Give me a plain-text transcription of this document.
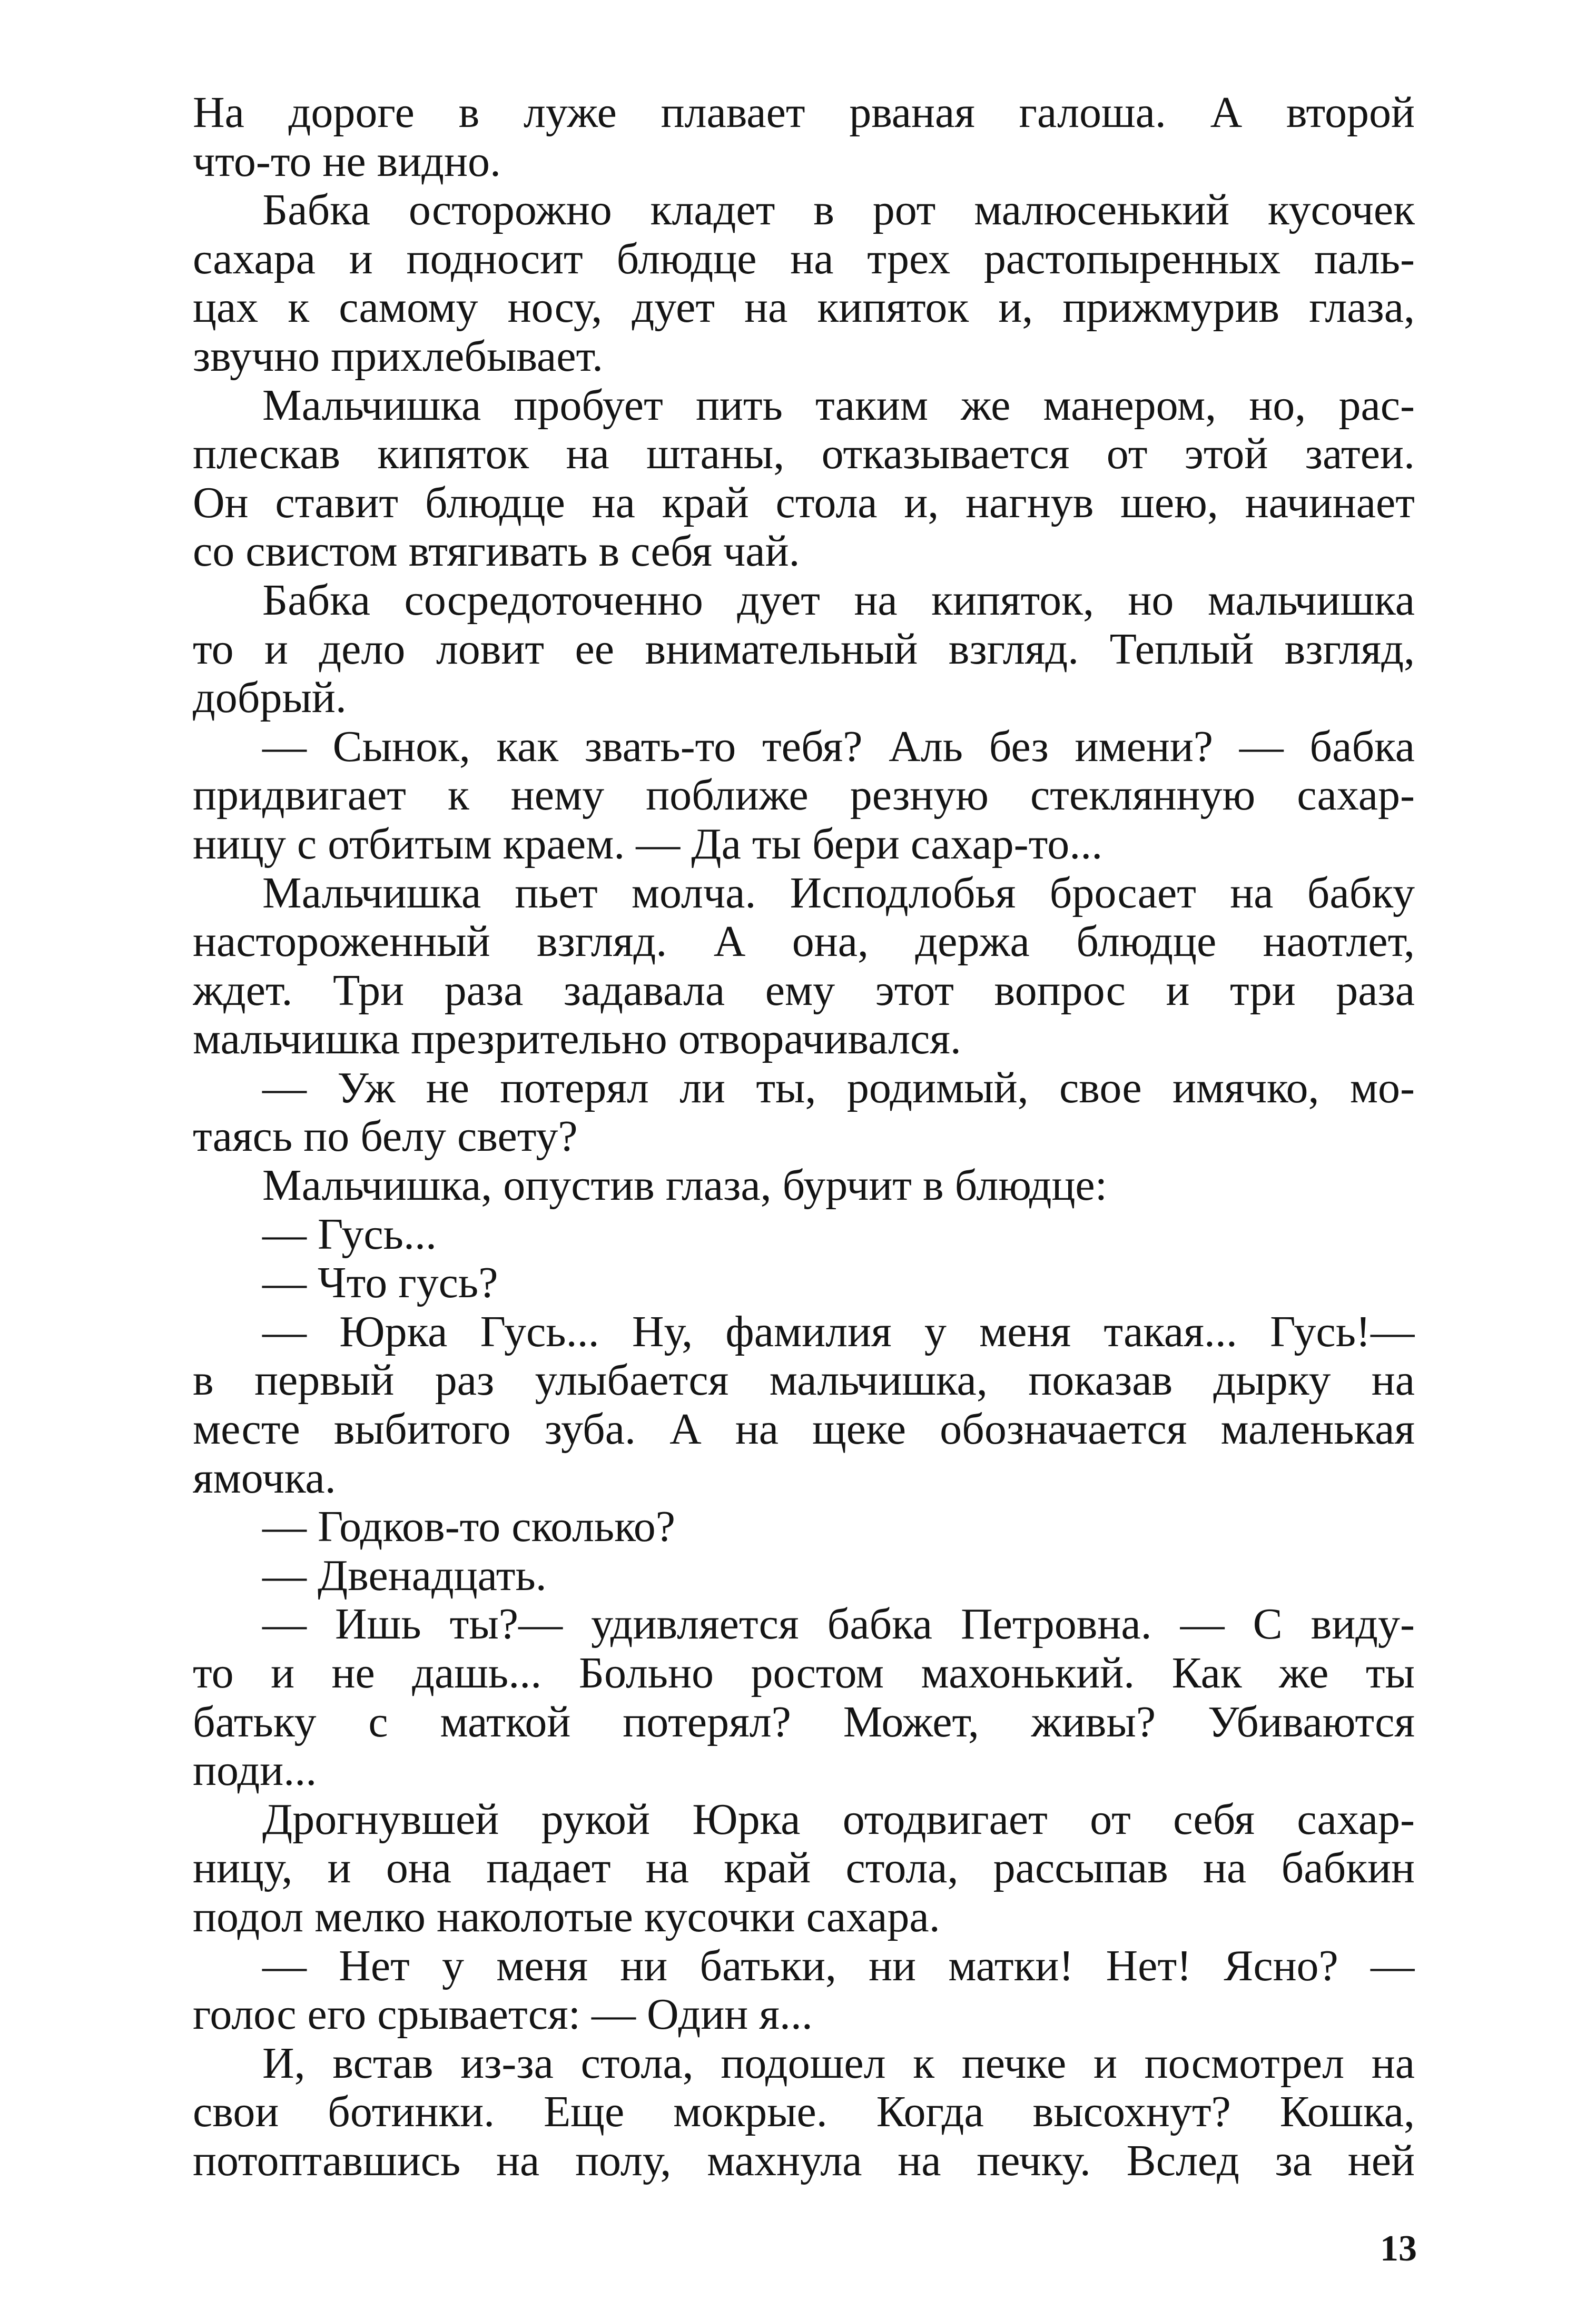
На дороге в луже плавает рваная галоша. А второй
что-то не видно.
Бабка осторожно кладет в рот малюсенький кусочек
сахара и подносит блюдце на трех растопыренных паль-
цах к самому носу, дует на кипяток и, прижмурив глаза,
звучно прихлебывает.
Мальчишка пробует пить таким же манером, но, рас-
плескав кипяток на штаны, отказывается от этой затеи.
Он ставит блюдце на край стола и, нагнув шею, начинает
со свистом втягивать в себя чай.
Бабка сосредоточенно дует на кипяток, но мальчишка
то и дело ловит ее внимательный взгляд. Теплый взгляд,
добрый.
— Сынок, как звать-то тебя? Аль без имени? — бабка
придвигает к нему поближе резную стеклянную сахар-
ницу с отбитым краем. — Да ты бери сахар-то...
Мальчишка пьет молча. Исподлобья бросает на бабку
настороженный взгляд. А она, держа блюдце наотлет,
ждет. Три раза задавала ему этот вопрос и три раза
мальчишка презрительно отворачивался.
— Уж не потерял ли ты, родимый, свое имячко, мо-
таясь по белу свету?
Мальчишка, опустив глаза, бурчит в блюдце:
— Гусь...
— Что гусь?
— Юрка Гусь... Ну, фамилия у меня такая... Гусь!—
в первый раз улыбается мальчишка, показав дырку на
месте выбитого зуба. А на щеке обозначается маленькая
ямочка.
— Годков-то сколько?
— Двенадцать.
— Ишь ты?— удивляется бабка Петровна. — С виду-
то и не дашь... Больно ростом махонький. Как же ты
батьку с маткой потерял? Может, живы? Убиваются
поди...
Дрогнувшей рукой Юрка отодвигает от себя сахар-
ницу, и она падает на край стола, рассыпав на бабкин
подол мелко наколотые кусочки сахара.
— Нет у меня ни батьки, ни матки! Нет! Ясно? —
голос его срывается: — Один я...
И, встав из-за стола, подошел к печке и посмотрел на
свои ботинки. Еще мокрые. Когда высохнут? Кошка,
потоптавшись на полу, махнула на печку. Вслед за ней
13
